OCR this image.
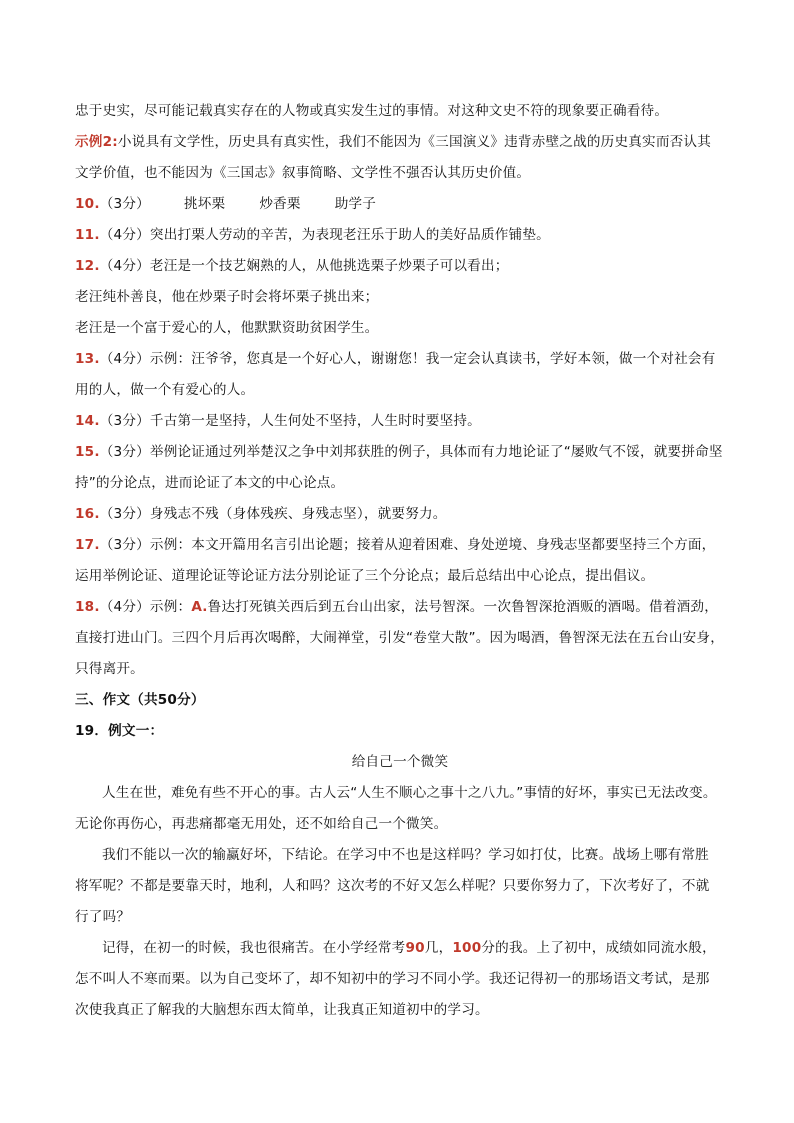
忠于史实，尽可能记载真实存在的人物或真实发生过的事情。对这种文史不符的现象要正确看待。
示例2:小说具有文学性，历史具有真实性，我们不能因为《三国演义》违背赤壁之战的历史真实而否认其
文学价值，也不能因为《三国志》叙事简略、文学性不强否认其历史价值。
10.（3分）	挑坏栗	炒香栗	助学子
11.（4分）突出打栗人劳动的辛苦，为表现老汪乐于助人的美好品质作铺垫。
12.（4分）老汪是一个技艺娴熟的人，从他挑选栗子炒栗子可以看出；
老汪纯朴善良，他在炒栗子时会将坏栗子挑出来；
老汪是一个富于爱心的人，他默默资助贫困学生。
13.（4分）示例：汪爷爷，您真是一个好心人，谢谢您！我一定会认真读书，学好本领，做一个对社会有
用的人，做一个有爱心的人。
14.（3分）千古第一是坚持，人生何处不坚持，人生时时要坚持。
15.（3分）举例论证通过列举楚汉之争中刘邦获胜的例子，具体而有力地论证了“屡败气不馁，就要拼命坚
持”的分论点，进而论证了本文的中心论点。
16.（3分）身残志不残（身体残疾、身残志坚），就要努力。
17.（3分）示例：本文开篇用名言引出论题；接着从迎着困难、身处逆境、身残志坚都要坚持三个方面，
运用举例论证、道理论证等论证方法分别论证了三个分论点；最后总结出中心论点，提出倡议。
18.（4分）示例：A.鲁达打死镇关西后到五台山出家，法号智深。一次鲁智深抢酒贩的酒喝。借着酒劲，
直接打进山门。三四个月后再次喝醉，大闹禅堂，引发“卷堂大散”。因为喝酒，鲁智深无法在五台山安身，
只得离开。
三、作文（共50分）
19．例文一：
给自己一个微笑
人生在世，难免有些不开心的事。古人云“人生不顺心之事十之八九。”事情的好坏，事实已无法改变。
无论你再伤心，再悲痛都毫无用处，还不如给自己一个微笑。
我们不能以一次的输赢好坏，下结论。在学习中不也是这样吗？学习如打仗，比赛。战场上哪有常胜
将军呢？不都是要靠天时，地利，人和吗？这次考的不好又怎么样呢？只要你努力了，下次考好了，不就
行了吗？
记得，在初一的时候，我也很痛苦。在小学经常考90几，100分的我。上了初中，成绩如同流水般，
怎不叫人不寒而栗。以为自己变坏了，却不知初中的学习不同小学。我还记得初一的那场语文考试，是那
次使我真正了解我的大脑想东西太简单，让我真正知道初中的学习。
